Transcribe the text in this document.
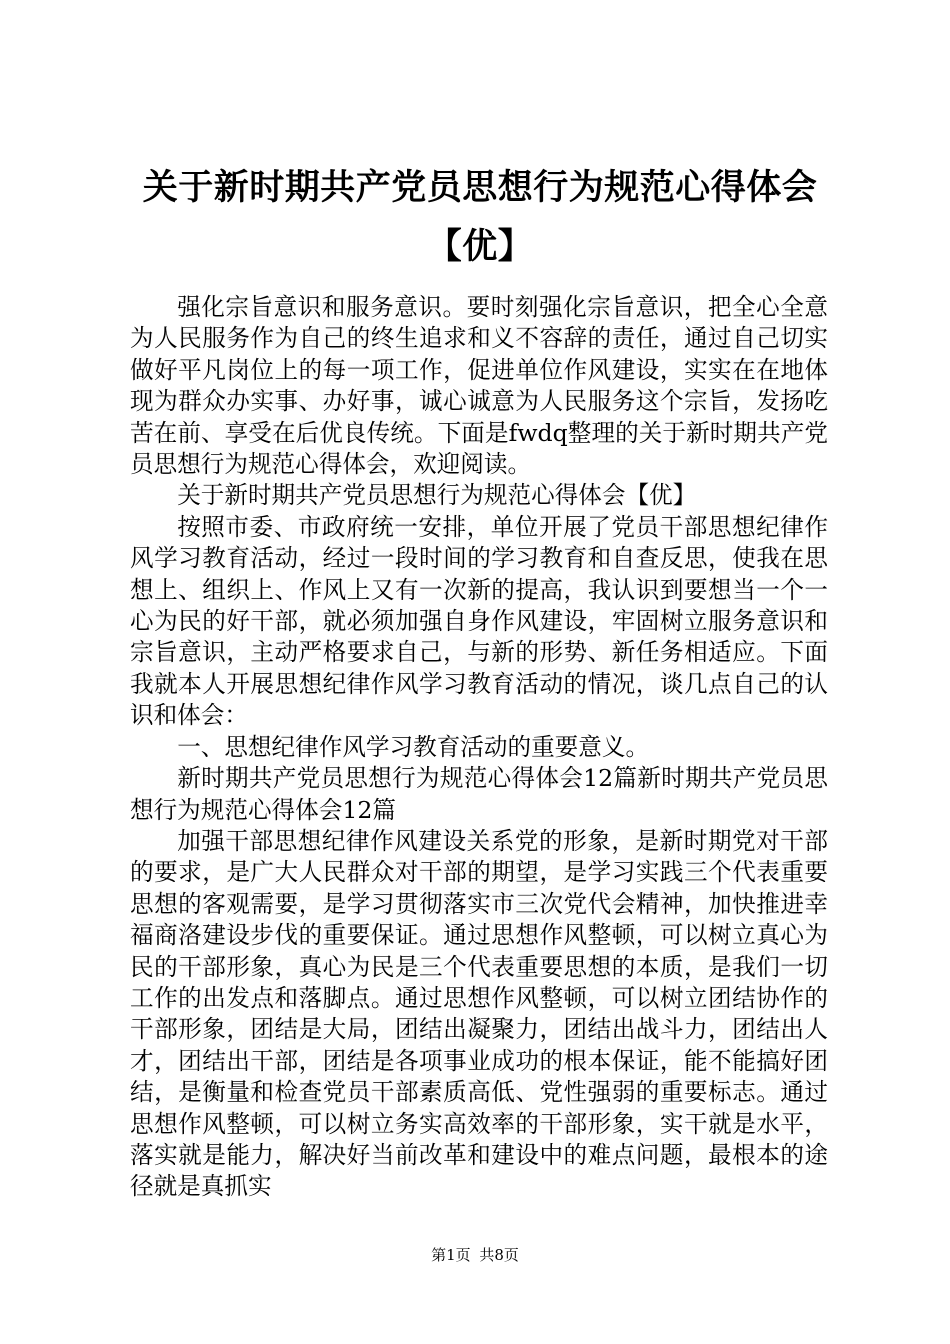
关于新时期共产党员思想行为规范心得体会
【优】

强化宗旨意识和服务意识。要时刻强化宗旨意识，把全心全意为人民服务作为自己的终生追求和义不容辞的责任，通过自己切实做好平凡岗位上的每一项工作，促进单位作风建设，实实在在地体现为群众办实事、办好事，诚心诚意为人民服务这个宗旨，发扬吃苦在前、享受在后优良传统。下面是fwdq整理的关于新时期共产党员思想行为规范心得体会，欢迎阅读。

关于新时期共产党员思想行为规范心得体会【优】

按照市委、市政府统一安排，单位开展了党员干部思想纪律作风学习教育活动，经过一段时间的学习教育和自查反思，使我在思想上、组织上、作风上又有一次新的提高，我认识到要想当一个一心为民的好干部，就必须加强自身作风建设，牢固树立服务意识和宗旨意识，主动严格要求自己，与新的形势、新任务相适应。下面我就本人开展思想纪律作风学习教育活动的情况，谈几点自己的认识和体会：

一、思想纪律作风学习教育活动的重要意义。

新时期共产党员思想行为规范心得体会12篇新时期共产党员思想行为规范心得体会12篇

加强干部思想纪律作风建设关系党的形象，是新时期党对干部的要求，是广大人民群众对干部的期望，是学习实践三个代表重要思想的客观需要，是学习贯彻落实市三次党代会精神，加快推进幸福商洛建设步伐的重要保证。通过思想作风整顿，可以树立真心为民的干部形象，真心为民是三个代表重要思想的本质，是我们一切工作的出发点和落脚点。通过思想作风整顿，可以树立团结协作的干部形象，团结是大局，团结出凝聚力，团结出战斗力，团结出人才，团结出干部，团结是各项事业成功的根本保证，能不能搞好团结，是衡量和检查党员干部素质高低、党性强弱的重要标志。通过思想作风整顿，可以树立务实高效率的干部形象，实干就是水平，落实就是能力，解决好当前改革和建设中的难点问题，最根本的途径就是真抓实

第1页 共8页
